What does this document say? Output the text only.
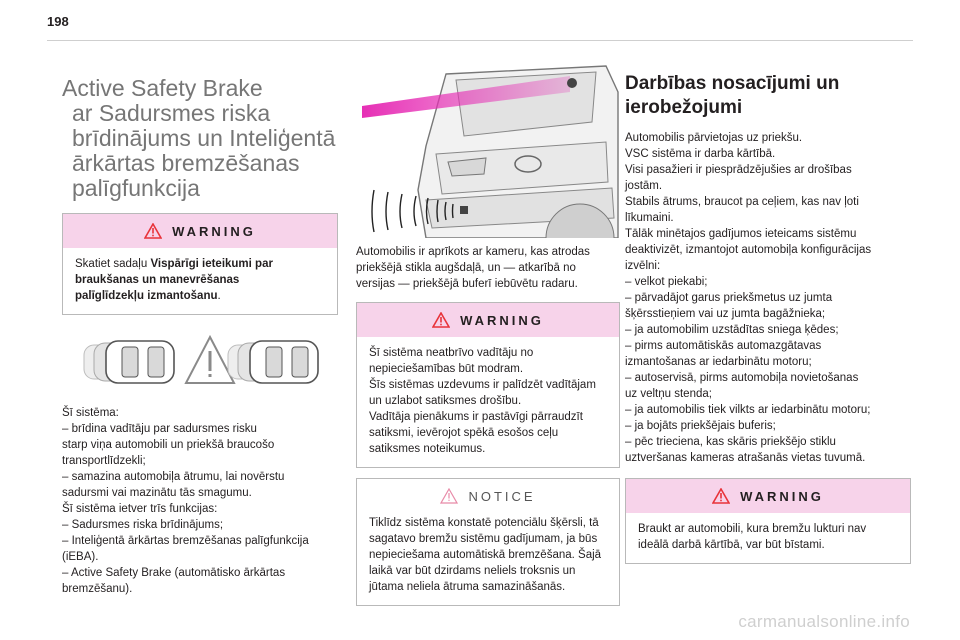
198
Active Safety Brake
ar Sadursmes riska
brīdinājums un Inteliģentā
ārkārtas bremzēšanas
palīgfunkcija
WARNING
Skatiet sadaļu Vispārīgi ieteikumi par
braukšanas un manevrēšanas
palīglīdzekļu izmantošanu.
Šī sistēma:
– brīdina vadītāju par sadursmes risku
starp viņa automobili un priekšā braucošo
transportlīdzekli;
– samazina automobiļa ātrumu, lai novērstu
sadursmi vai mazinātu tās smagumu.
Šī sistēma ietver trīs funkcijas:
– Sadursmes riska brīdinājums;
– Inteliģentā ārkārtas bremzēšanas palīgfunkcija
(iEBA).
– Active Safety Brake (automātisko ārkārtas
bremzēšanu).
Automobilis ir aprīkots ar kameru, kas atrodas
priekšējā stikla augšdaļā, un — atkarībā no
versijas — priekšējā buferī iebūvētu radaru.
WARNING
Šī sistēma neatbrīvo vadītāju no
nepieciešamības būt modram.
Šīs sistēmas uzdevums ir palīdzēt vadītājam
un uzlabot satiksmes drošību.
Vadītāja pienākums ir pastāvīgi pārraudzīt
satiksmi, ievērojot spēkā esošos ceļu
satiksmes noteikumus.
NOTICE
Tiklīdz sistēma konstatē potenciālu šķērsli, tā
sagatavo bremžu sistēmu gadījumam, ja būs
nepieciešama automātiskā bremzēšana. Šajā
laikā var būt dzirdams neliels troksnis un
jūtama neliela ātruma samazināšanās.
Darbības nosacījumi un
ierobežojumi
Automobilis pārvietojas uz priekšu.
VSC sistēma ir darba kārtībā.
Visi pasažieri ir piesprādzējušies ar drošības
jostām.
Stabils ātrums, braucot pa ceļiem, kas nav ļoti
līkumaini.
Tālāk minētajos gadījumos ieteicams sistēmu
deaktivizēt, izmantojot automobiļa konfigurācijas
izvēlni:
– velkot piekabi;
– pārvadājot garus priekšmetus uz jumta
šķērsstieņiem vai uz jumta bagāžnieka;
– ja automobilim uzstādītas sniega ķēdes;
– pirms automātiskās automazgātavas
izmantošanas ar iedarbinātu motoru;
– autoservisā, pirms automobiļa novietošanas
uz veltņu stenda;
– ja automobilis tiek vilkts ar iedarbinātu motoru;
– ja bojāts priekšējais buferis;
– pēc trieciena, kas skāris priekšējo stiklu
uztveršanas kameras atrašanās vietas tuvumā.
WARNING
Braukt ar automobili, kura bremžu lukturi nav
ideālā darbā kārtībā, var būt bīstami.
carmanualsonline.info
